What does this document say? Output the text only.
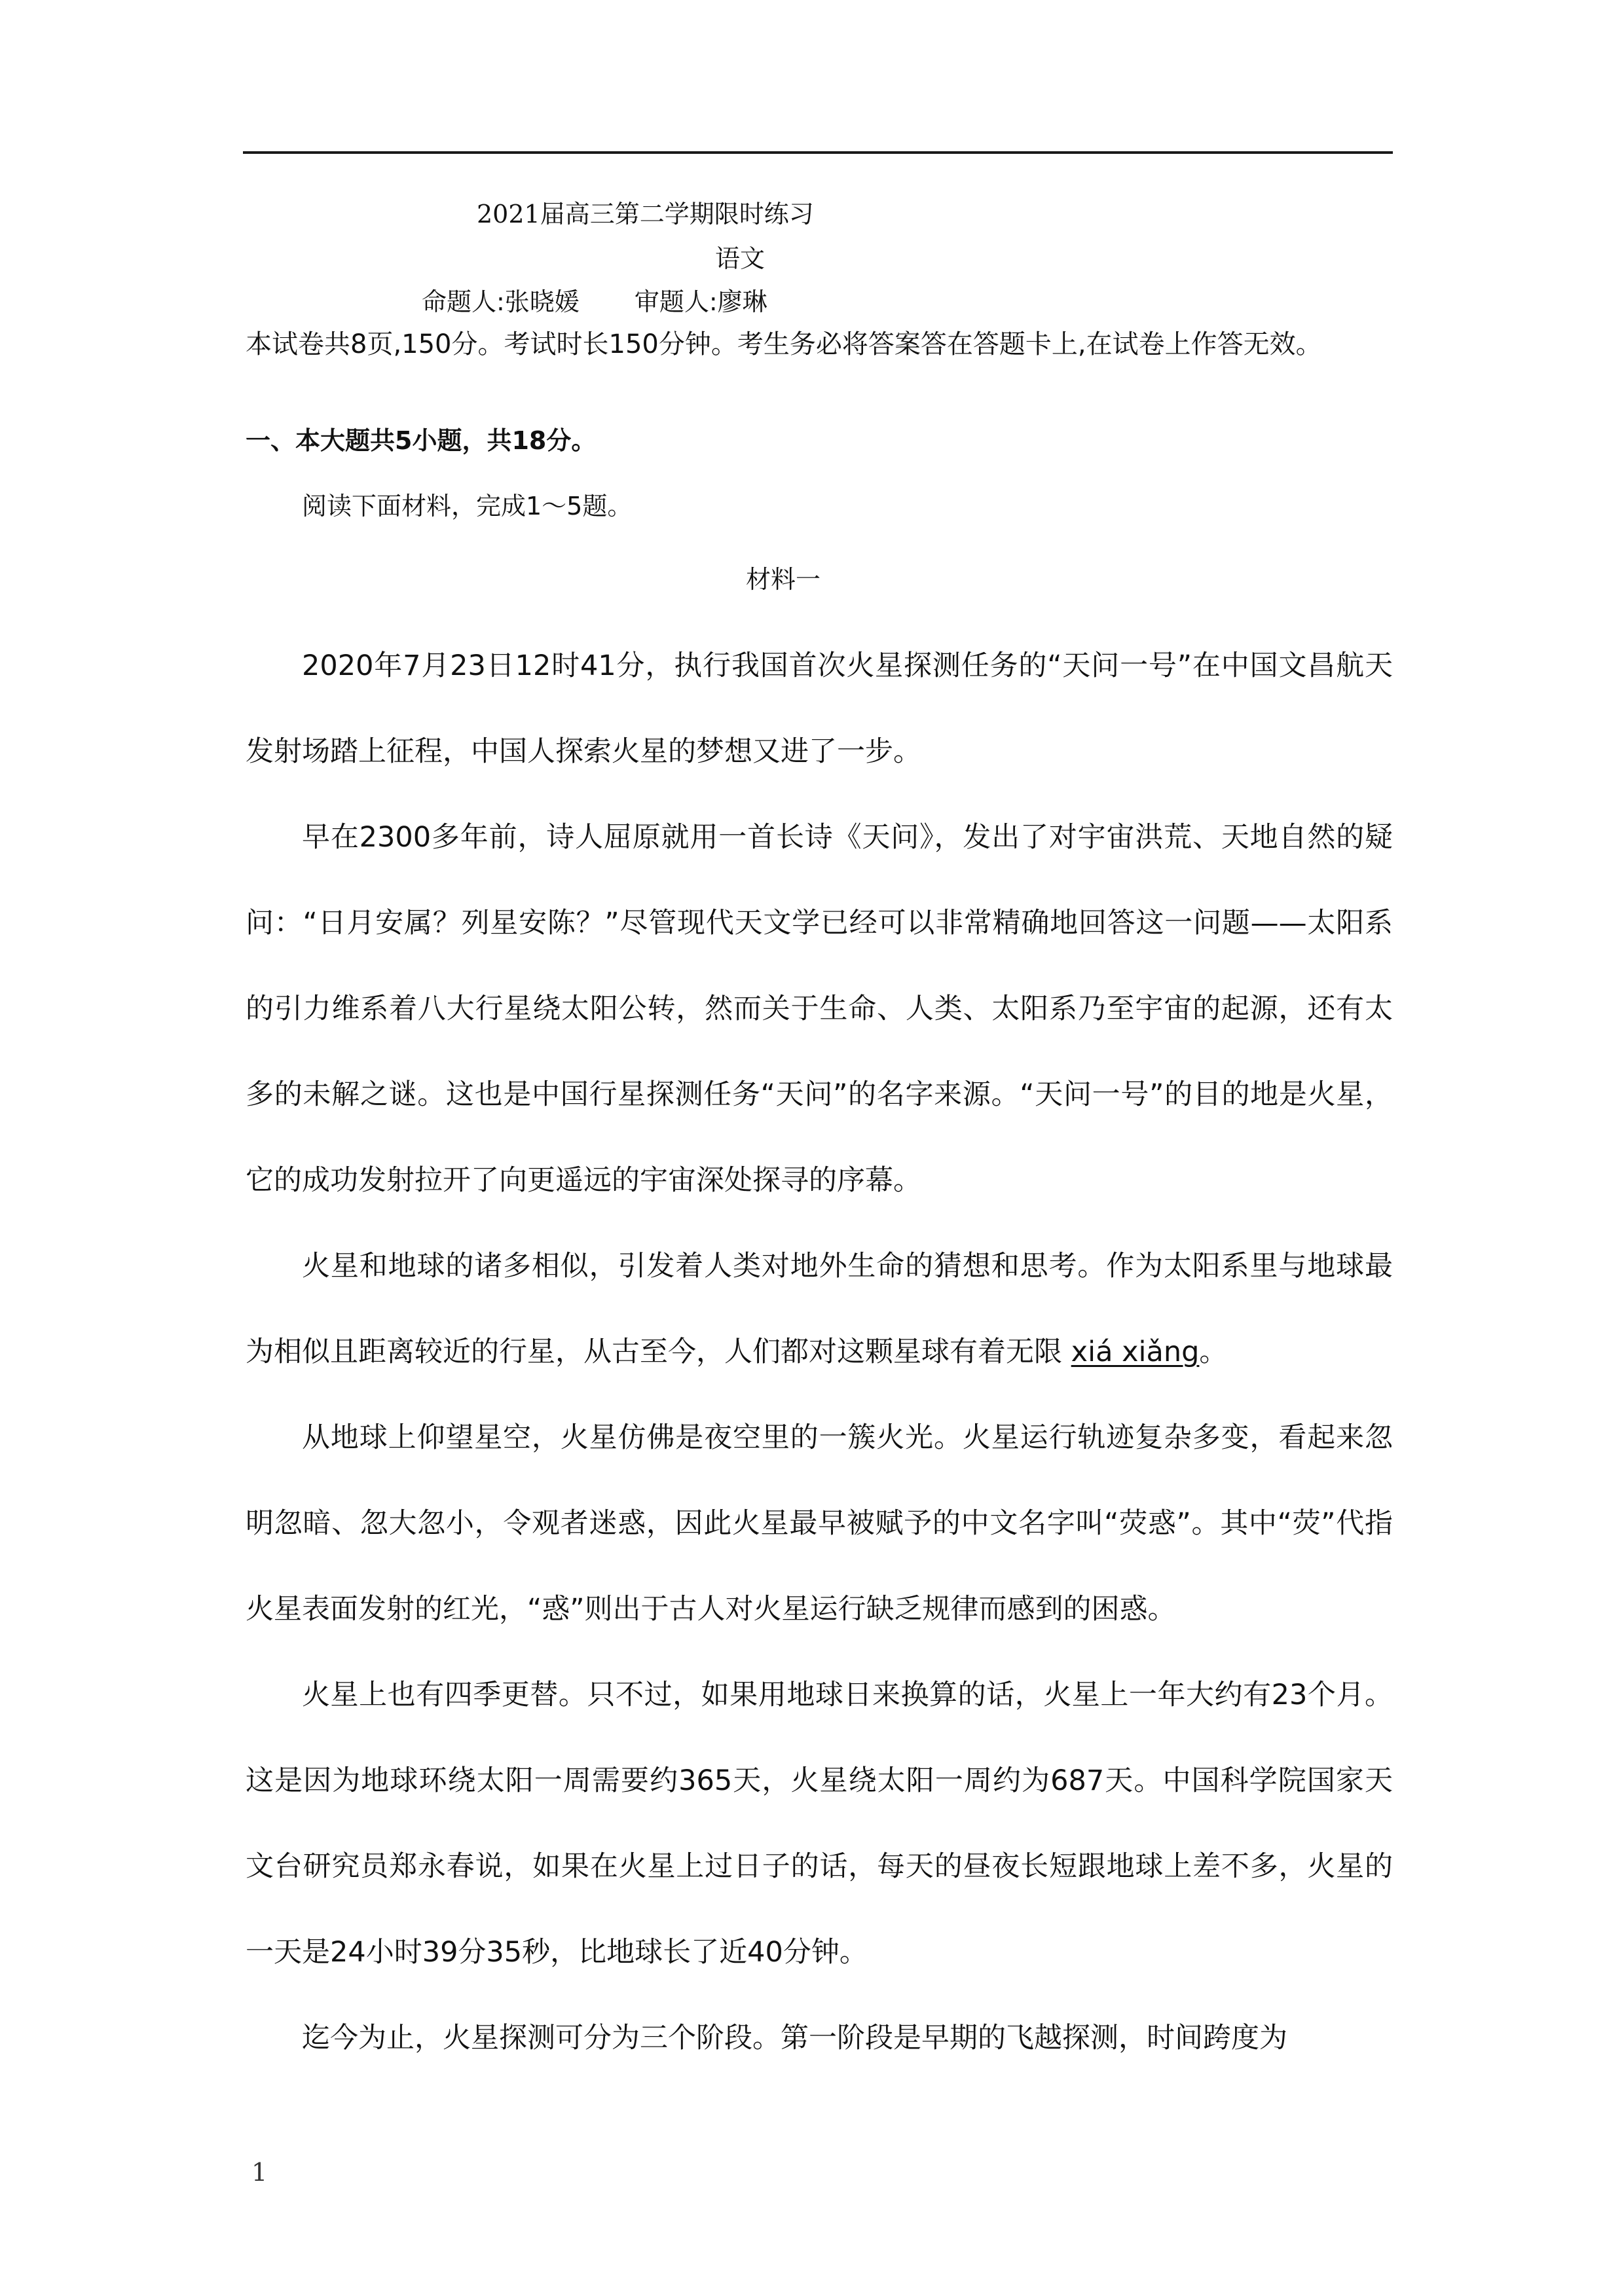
2021届高三第二学期限时练习
语文
命题人:张晓媛 审题人:廖琳
本试卷共8页,150分。考试时长150分钟。考生务必将答案答在答题卡上,在试卷上作答无效。
一、本大题共5小题，共18分。
阅读下面材料，完成1～5题。
材料一

2020年7月23日12时41分，执行我国首次火星探测任务的“天问一号”在中国文昌航天发射场踏上征程，中国人探索火星的梦想又进了一步。

早在2300多年前，诗人屈原就用一首长诗《天问》，发出了对宇宙洪荒、天地自然的疑问：“日月安属？列星安陈？”尽管现代天文学已经可以非常精确地回答这一问题——太阳系的引力维系着八大行星绕太阳公转，然而关于生命、人类、太阳系乃至宇宙的起源，还有太多的未解之谜。这也是中国行星探测任务“天问”的名字来源。“天问一号”的目的地是火星，它的成功发射拉开了向更遥远的宇宙深处探寻的序幕。

火星和地球的诸多相似，引发着人类对地外生命的猜想和思考。作为太阳系里与地球最为相似且距离较近的行星，从古至今，人们都对这颗星球有着无限 xiá xiǎng。

从地球上仰望星空，火星仿佛是夜空里的一簇火光。火星运行轨迹复杂多变，看起来忽明忽暗、忽大忽小，令观者迷惑，因此火星最早被赋予的中文名字叫“荧惑”。其中“荧”代指火星表面发射的红光，“惑”则出于古人对火星运行缺乏规律而感到的困惑。

火星上也有四季更替。只不过，如果用地球日来换算的话，火星上一年大约有23个月。这是因为地球环绕太阳一周需要约365天，火星绕太阳一周约为687天。中国科学院国家天文台研究员郑永春说，如果在火星上过日子的话，每天的昼夜长短跟地球上差不多，火星的一天是24小时39分35秒，比地球长了近40分钟。

迄今为止，火星探测可分为三个阶段。第一阶段是早期的飞越探测，时间跨度为

1
